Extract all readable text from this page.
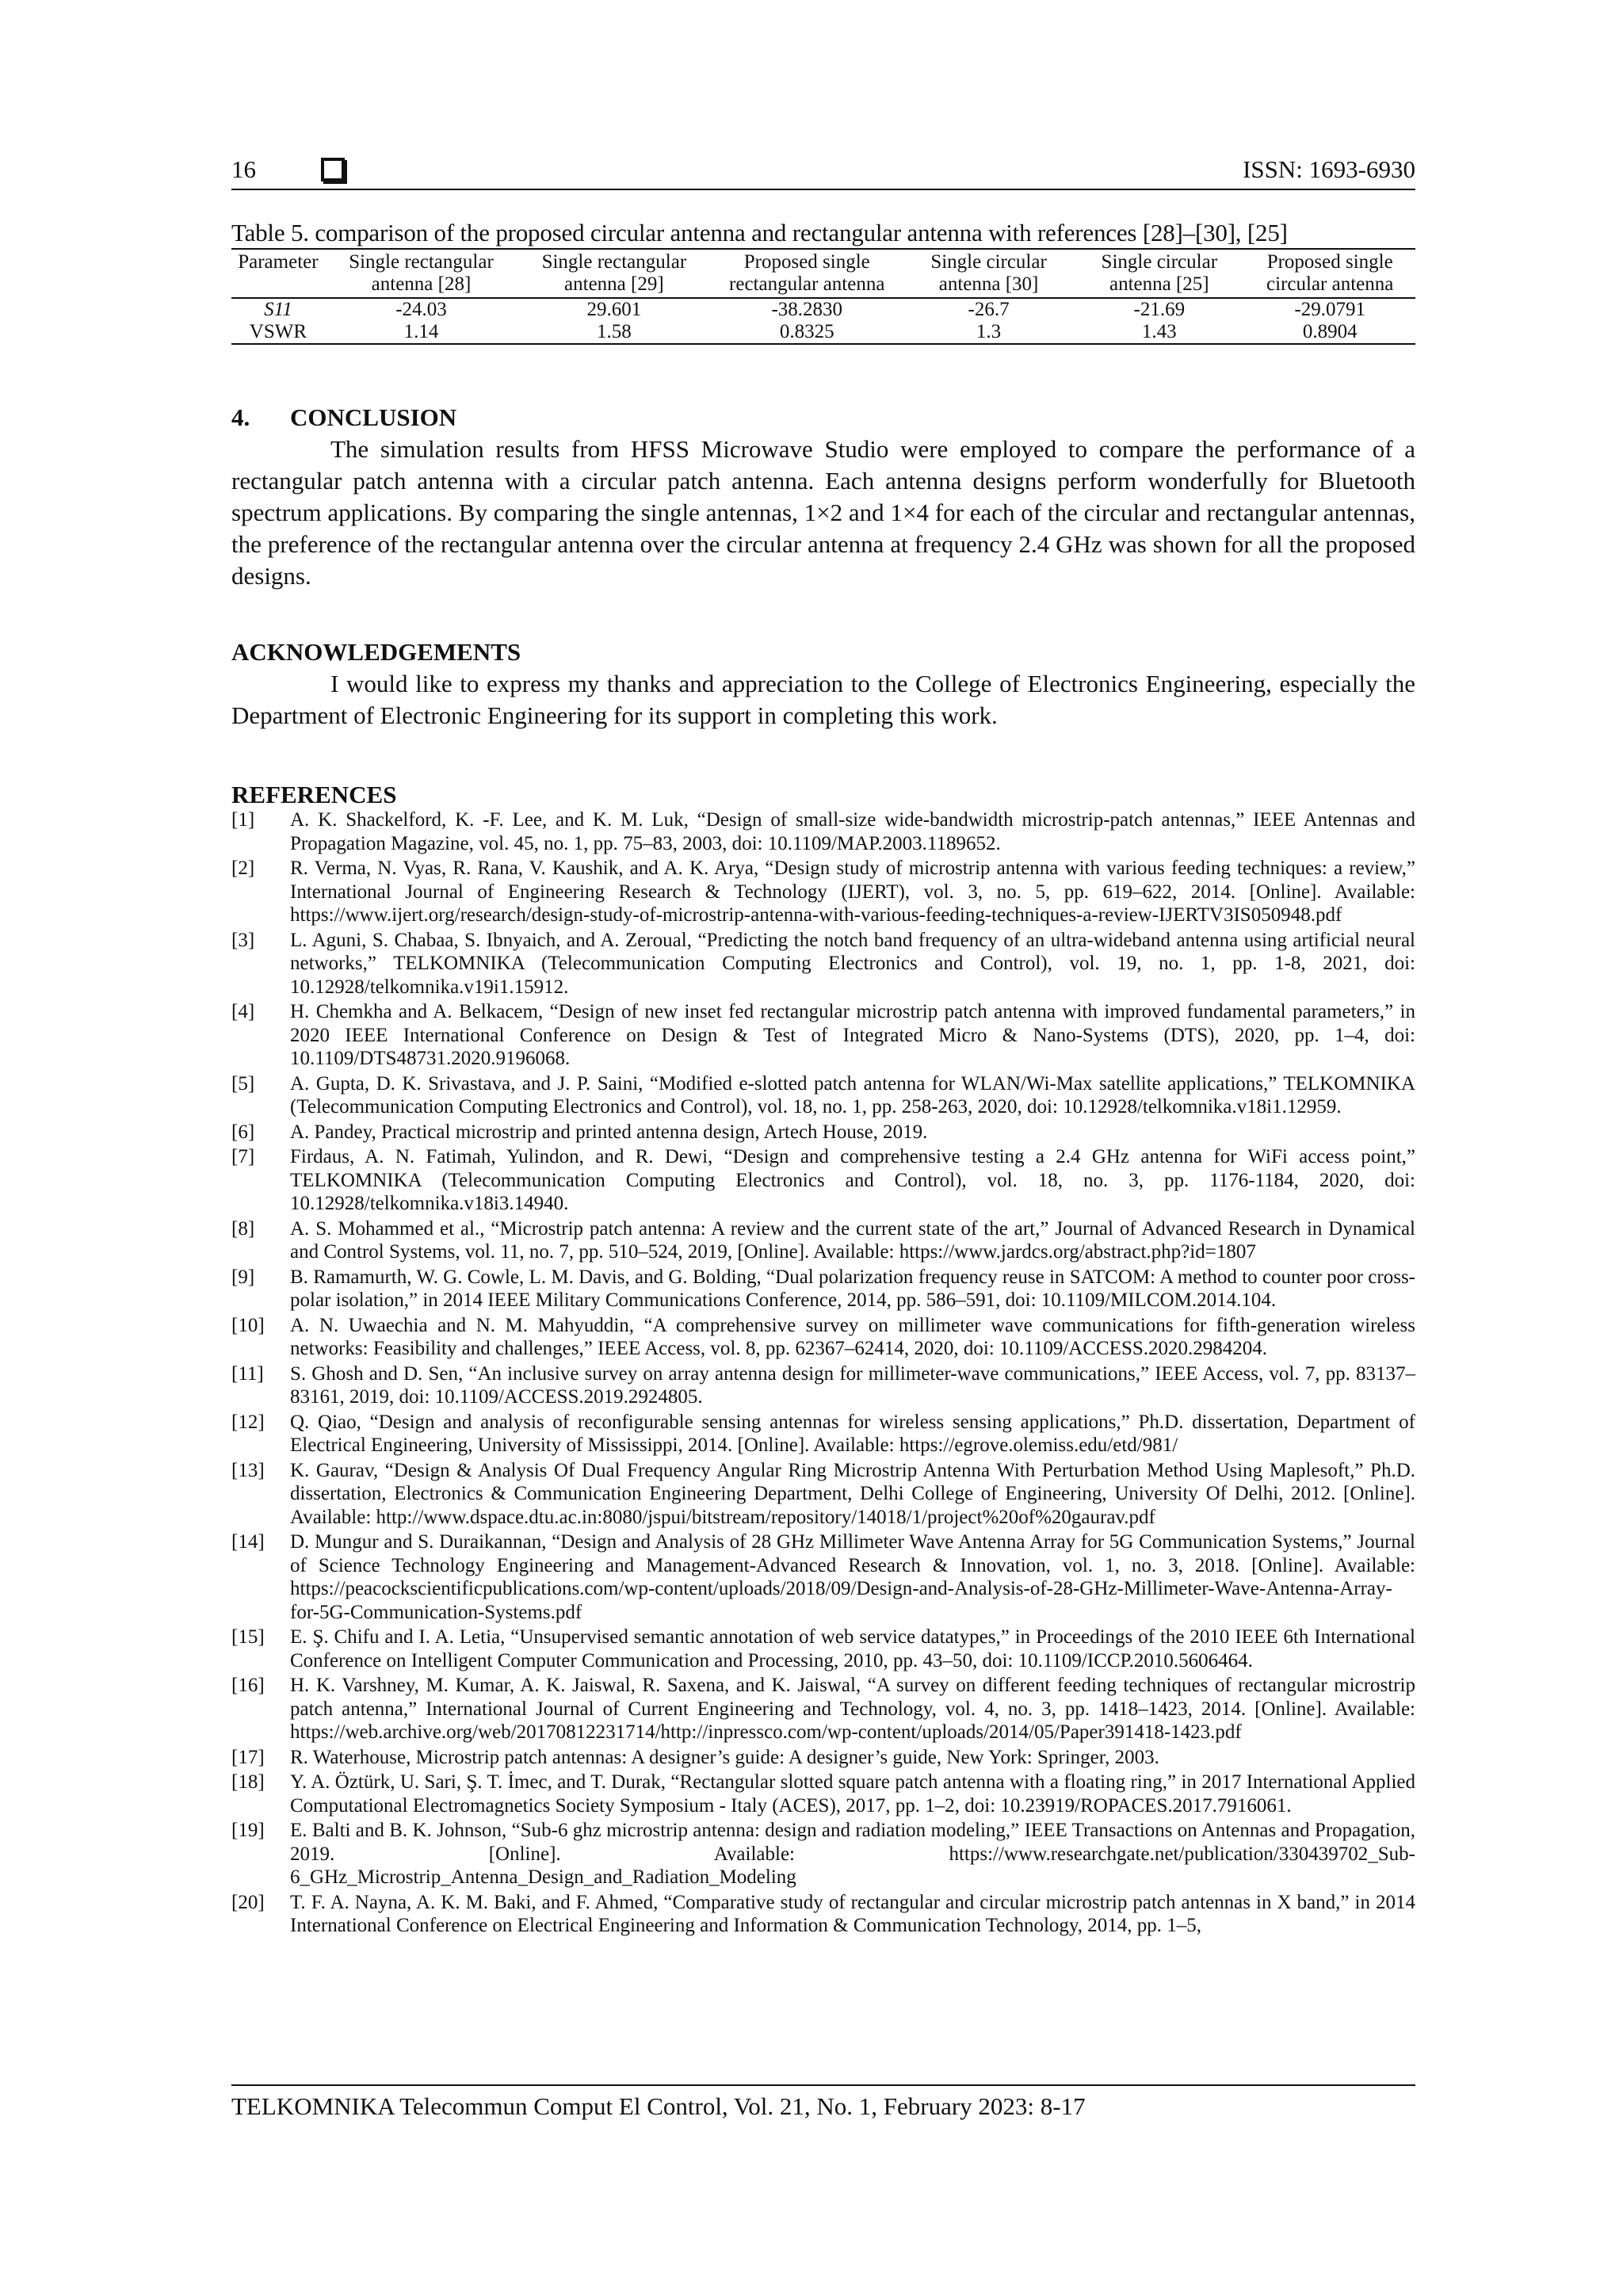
16	ISSN: 1693-6930
Table 5. comparison of the proposed circular antenna and rectangular antenna with references [28]–[30], [25]
Parameter	Single rectangular antenna [28]	Single rectangular antenna [29]	Proposed single rectangular antenna	Single circular antenna [30]	Single circular antenna [25]	Proposed single circular antenna
S11	-24.03	29.601	-38.2830	-26.7	-21.69	-29.0791
VSWR	1.14	1.58	0.8325	1.3	1.43	0.8904
4. CONCLUSION
The simulation results from HFSS Microwave Studio were employed to compare the performance of a rectangular patch antenna with a circular patch antenna. Each antenna designs perform wonderfully for Bluetooth spectrum applications. By comparing the single antennas, 1×2 and 1×4 for each of the circular and rectangular antennas, the preference of the rectangular antenna over the circular antenna at frequency 2.4 GHz was shown for all the proposed designs.
ACKNOWLEDGEMENTS
I would like to express my thanks and appreciation to the College of Electronics Engineering, especially the Department of Electronic Engineering for its support in completing this work.
REFERENCES
[1]	A. K. Shackelford, K. -F. Lee, and K. M. Luk, “Design of small-size wide-bandwidth microstrip-patch antennas,” IEEE Antennas and Propagation Magazine, vol. 45, no. 1, pp. 75–83, 2003, doi: 10.1109/MAP.2003.1189652.
[2]	R. Verma, N. Vyas, R. Rana, V. Kaushik, and A. K. Arya, “Design study of microstrip antenna with various feeding techniques: a review,” International Journal of Engineering Research & Technology (IJERT), vol. 3, no. 5, pp. 619–622, 2014. [Online]. Available: https://www.ijert.org/research/design-study-of-microstrip-antenna-with-various-feeding-techniques-a-review-IJERTV3IS050948.pdf
[3]	L. Aguni, S. Chabaa, S. Ibnyaich, and A. Zeroual, “Predicting the notch band frequency of an ultra-wideband antenna using artificial neural networks,” TELKOMNIKA (Telecommunication Computing Electronics and Control), vol. 19, no. 1, pp. 1-8, 2021, doi: 10.12928/telkomnika.v19i1.15912.
[4]	H. Chemkha and A. Belkacem, “Design of new inset fed rectangular microstrip patch antenna with improved fundamental parameters,” in 2020 IEEE International Conference on Design & Test of Integrated Micro & Nano-Systems (DTS), 2020, pp. 1–4, doi: 10.1109/DTS48731.2020.9196068.
[5]	A. Gupta, D. K. Srivastava, and J. P. Saini, “Modified e-slotted patch antenna for WLAN/Wi-Max satellite applications,” TELKOMNIKA (Telecommunication Computing Electronics and Control), vol. 18, no. 1, pp. 258-263, 2020, doi: 10.12928/telkomnika.v18i1.12959.
[6]	A. Pandey, Practical microstrip and printed antenna design, Artech House, 2019.
[7]	Firdaus, A. N. Fatimah, Yulindon, and R. Dewi, “Design and comprehensive testing a 2.4 GHz antenna for WiFi access point,” TELKOMNIKA (Telecommunication Computing Electronics and Control), vol. 18, no. 3, pp. 1176-1184, 2020, doi: 10.12928/telkomnika.v18i3.14940.
[8]	A. S. Mohammed et al., “Microstrip patch antenna: A review and the current state of the art,” Journal of Advanced Research in Dynamical and Control Systems, vol. 11, no. 7, pp. 510–524, 2019, [Online]. Available: https://www.jardcs.org/abstract.php?id=1807
[9]	B. Ramamurth, W. G. Cowle, L. M. Davis, and G. Bolding, “Dual polarization frequency reuse in SATCOM: A method to counter poor cross-polar isolation,” in 2014 IEEE Military Communications Conference, 2014, pp. 586–591, doi: 10.1109/MILCOM.2014.104.
[10]	A. N. Uwaechia and N. M. Mahyuddin, “A comprehensive survey on millimeter wave communications for fifth-generation wireless networks: Feasibility and challenges,” IEEE Access, vol. 8, pp. 62367–62414, 2020, doi: 10.1109/ACCESS.2020.2984204.
[11]	S. Ghosh and D. Sen, “An inclusive survey on array antenna design for millimeter-wave communications,” IEEE Access, vol. 7, pp. 83137–83161, 2019, doi: 10.1109/ACCESS.2019.2924805.
[12]	Q. Qiao, “Design and analysis of reconfigurable sensing antennas for wireless sensing applications,” Ph.D. dissertation, Department of Electrical Engineering, University of Mississippi, 2014. [Online]. Available: https://egrove.olemiss.edu/etd/981/
[13]	K. Gaurav, “Design & Analysis Of Dual Frequency Angular Ring Microstrip Antenna With Perturbation Method Using Maplesoft,” Ph.D. dissertation, Electronics & Communication Engineering Department, Delhi College of Engineering, University Of Delhi, 2012. [Online]. Available: http://www.dspace.dtu.ac.in:8080/jspui/bitstream/repository/14018/1/project%20of%20gaurav.pdf
[14]	D. Mungur and S. Duraikannan, “Design and Analysis of 28 GHz Millimeter Wave Antenna Array for 5G Communication Systems,” Journal of Science Technology Engineering and Management-Advanced Research & Innovation, vol. 1, no. 3, 2018. [Online]. Available: https://peacockscientificpublications.com/wp-content/uploads/2018/09/Design-and-Analysis-of-28-GHz-Millimeter-Wave-Antenna-Array-for-5G-Communication-Systems.pdf
[15]	E. Ş. Chifu and I. A. Letia, “Unsupervised semantic annotation of web service datatypes,” in Proceedings of the 2010 IEEE 6th International Conference on Intelligent Computer Communication and Processing, 2010, pp. 43–50, doi: 10.1109/ICCP.2010.5606464.
[16]	H. K. Varshney, M. Kumar, A. K. Jaiswal, R. Saxena, and K. Jaiswal, “A survey on different feeding techniques of rectangular microstrip patch antenna,” International Journal of Current Engineering and Technology, vol. 4, no. 3, pp. 1418–1423, 2014. [Online]. Available: https://web.archive.org/web/20170812231714/http://inpressco.com/wp-content/uploads/2014/05/Paper391418-1423.pdf
[17]	R. Waterhouse, Microstrip patch antennas: A designer’s guide: A designer’s guide, New York: Springer, 2003.
[18]	Y. A. Öztürk, U. Sari, Ş. T. İmec, and T. Durak, “Rectangular slotted square patch antenna with a floating ring,” in 2017 International Applied Computational Electromagnetics Society Symposium - Italy (ACES), 2017, pp. 1–2, doi: 10.23919/ROPACES.2017.7916061.
[19]	E. Balti and B. K. Johnson, “Sub-6 ghz microstrip antenna: design and radiation modeling,” IEEE Transactions on Antennas and Propagation, 2019. [Online]. Available: https://www.researchgate.net/publication/330439702_Sub-6_GHz_Microstrip_Antenna_Design_and_Radiation_Modeling
[20]	T. F. A. Nayna, A. K. M. Baki, and F. Ahmed, “Comparative study of rectangular and circular microstrip patch antennas in X band,” in 2014 International Conference on Electrical Engineering and Information & Communication Technology, 2014, pp. 1–5,
TELKOMNIKA Telecommun Comput El Control, Vol. 21, No. 1, February 2023: 8-17
